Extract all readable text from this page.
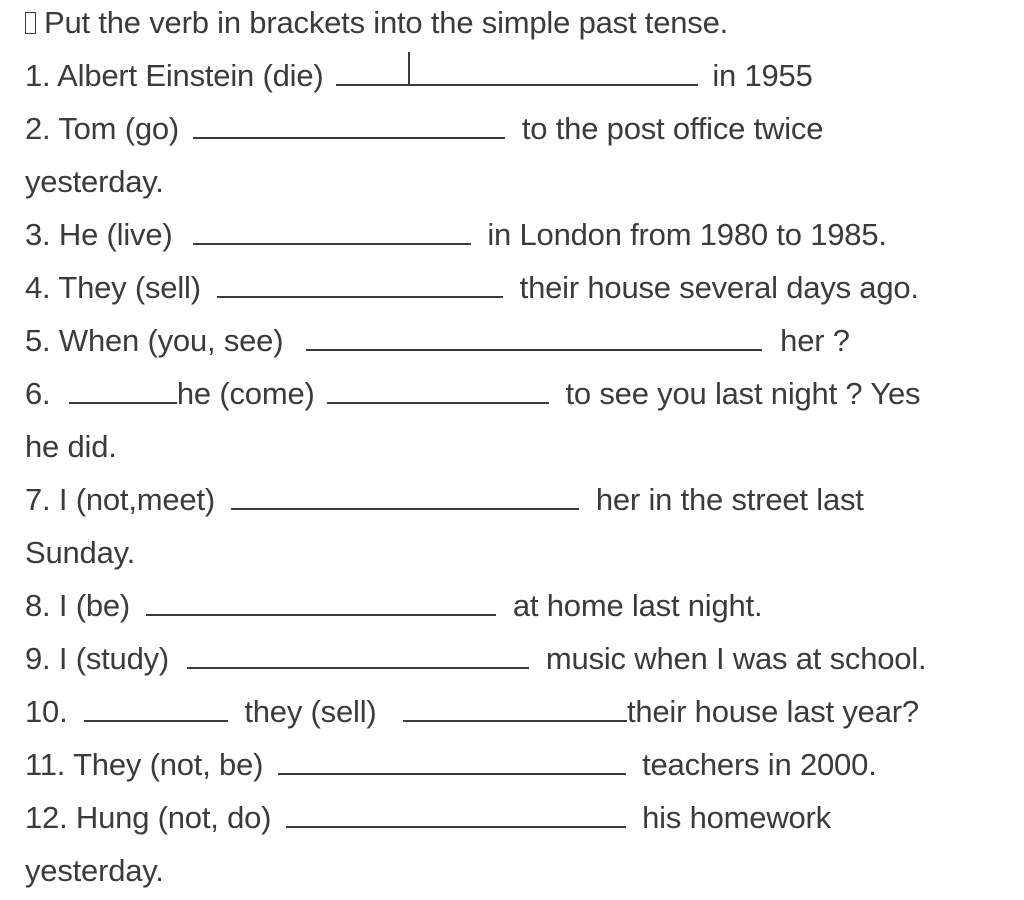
Put the verb in brackets into the simple past tense.
1. Albert Einstein (die)	in 1955
2. Tom (go)	to the post office twice
yesterday.
3. He (live)	in London from 1980 to 1985.
4. They (sell)	their house several days ago.
5. When (you, see)	her ?
6.	he (come)	to see you last night ? Yes
he did.
7. I (not,meet)	her in the street last
Sunday.
8. I (be)	at home last night.
9. I (study)	music when I was at school.
10.	they (sell)	their house last year?
11. They (not, be)	teachers in 2000.
12. Hung (not, do)	his homework
yesterday.
